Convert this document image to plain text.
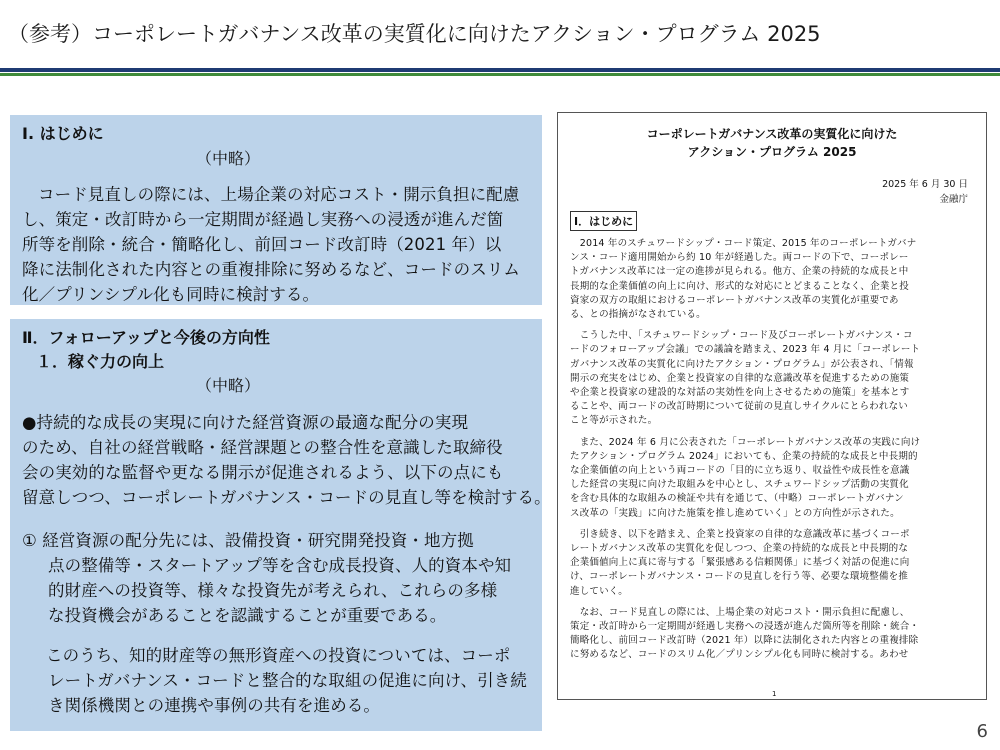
（参考）コーポレートガバナンス改革の実質化に向けたアクション・プログラム 2025
I. はじめに
（中略）
コード見直しの際には、上場企業の対応コスト・開示負担に配慮
し、策定・改訂時から一定期間が経過し実務への浸透が進んだ箇
所等を削除・統合・簡略化し、前回コード改訂時（2021 年）以
降に法制化された内容との重複排除に努めるなど、コードのスリム
化／プリンシプル化も同時に検討する。
Ⅱ．フォローアップと今後の方向性
１．稼ぐ力の向上
（中略）
●持続的な成長の実現に向けた経営資源の最適な配分の実現
のため、自社の経営戦略・経営課題との整合性を意識した取締役
会の実効的な監督や更なる開示が促進されるよう、以下の点にも
留意しつつ、コーポレートガバナンス・コードの見直し等を検討する。
① 経営資源の配分先には、設備投資・研究開発投資・地方拠
点の整備等・スタートアップ等を含む成長投資、人的資本や知
的財産への投資等、様々な投資先が考えられ、これらの多様
な投資機会があることを認識することが重要である。
このうち、知的財産等の無形資産への投資については、コーポ
レートガバナンス・コードと整合的な取組の促進に向け、引き続
き関係機関との連携や事例の共有を進める。
コーポレートガバナンス改革の実質化に向けた
アクション・プログラム 2025
2025 年 6 月 30 日
金融庁
I．はじめに
　2014 年のスチュワードシップ・コード策定、2015 年のコーポレートガバナ
ンス・コード適用開始から約 10 年が経過した。両コードの下で、コーポレー
トガバナンス改革には一定の進捗が見られる。他方、企業の持続的な成長と中
長期的な企業価値の向上に向け、形式的な対応にとどまることなく、企業と投
資家の双方の取組におけるコーポレートガバナンス改革の実質化が重要であ
る、との指摘がなされている。
　こうした中、「スチュワードシップ・コード及びコーポレートガバナンス・コ
ードのフォローアップ会議」での議論を踏まえ、2023 年 4 月に「コーポレート
ガバナンス改革の実質化に向けたアクション・プログラム」が公表され、「情報
開示の充実をはじめ、企業と投資家の自律的な意識改革を促進するための施策
や企業と投資家の建設的な対話の実効性を向上させるための施策」を基本とす
ることや、両コードの改訂時期について従前の見直しサイクルにとらわれない
こと等が示された。
　また、2024 年 6 月に公表された「コーポレートガバナンス改革の実践に向け
たアクション・プログラム 2024」においても、企業の持続的な成長と中長期的
な企業価値の向上という両コードの「目的に立ち返り、収益性や成長性を意識
した経営の実現に向けた取組みを中心とし、スチュワードシップ活動の実質化
を含む具体的な取組みの検証や共有を通じて、（中略）コーポレートガバナン
ス改革の「実践」に向けた施策を推し進めていく」との方向性が示された。
　引き続き、以下を踏まえ、企業と投資家の自律的な意識改革に基づくコーポ
レートガバナンス改革の実質化を促しつつ、企業の持続的な成長と中長期的な
企業価値向上に真に寄与する「緊張感ある信頼関係」に基づく対話の促進に向
け、コーポレートガバナンス・コードの見直しを行う等、必要な環境整備を推
進していく。
　なお、コード見直しの際には、上場企業の対応コスト・開示負担に配慮し、
策定・改訂時から一定期間が経過し実務への浸透が進んだ箇所等を削除・統合・
簡略化し、前回コード改訂時（2021 年）以降に法制化された内容との重複排除
に努めるなど、コードのスリム化／プリンシプル化も同時に検討する。あわせ
1
6
